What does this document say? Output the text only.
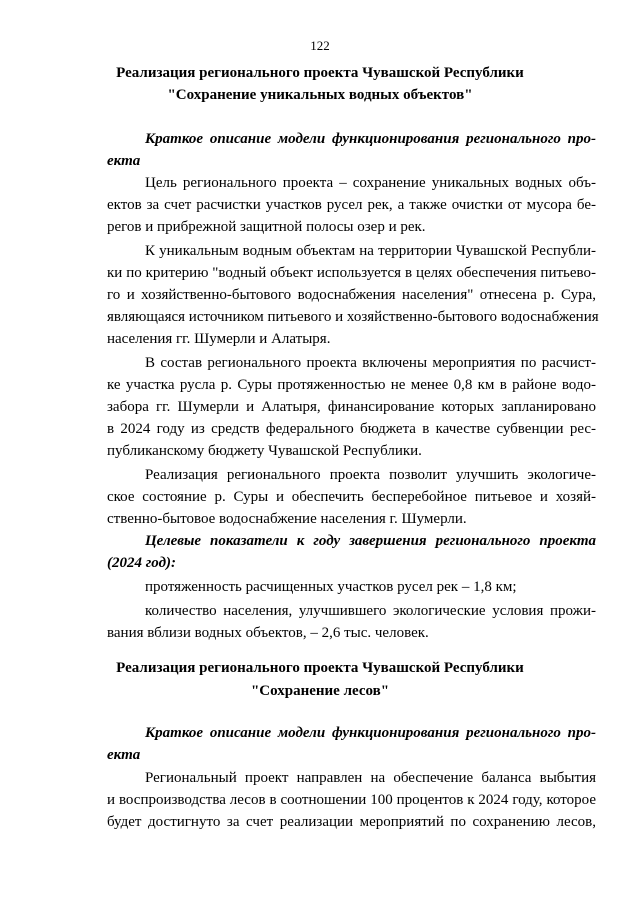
122
Реализация регионального проекта Чувашской Республики
"Сохранение уникальных водных объектов"
Краткое описание модели функционирования регионального про-
екта
Цель регионального проекта – сохранение уникальных водных объ-
ектов за счет расчистки участков русел рек, а также очистки от мусора бе-
регов и прибрежной защитной полосы озер и рек.
К уникальным водным объектам на территории Чувашской Республи-
ки по критерию "водный объект используется в целях обеспечения питьево-
го и хозяйственно-бытового водоснабжения населения" отнесена р. Сура,
являющаяся источником питьевого и хозяйственно-бытового водоснабжения
населения гг. Шумерли и Алатыря.
В состав регионального проекта включены мероприятия по расчист-
ке участка русла р. Суры протяженностью не менее 0,8 км в районе водо-
забора гг. Шумерли и Алатыря, финансирование которых запланировано
в 2024 году из средств федерального бюджета в качестве субвенции рес-
публиканскому бюджету Чувашской Республики.
Реализация регионального проекта позволит улучшить экологиче-
ское состояние р. Суры и обеспечить бесперебойное питьевое и хозяй-
ственно-бытовое водоснабжение населения г. Шумерли.
Целевые показатели к году завершения регионального проекта
(2024 год):
протяженность расчищенных участков русел рек – 1,8 км;
количество населения, улучшившего экологические условия прожи-
вания вблизи водных объектов, – 2,6 тыс. человек.
Реализация регионального проекта Чувашской Республики
"Сохранение лесов"
Краткое описание модели функционирования регионального про-
екта
Региональный проект направлен на обеспечение баланса выбытия
и воспроизводства лесов в соотношении 100 процентов к 2024 году, которое
будет достигнуто за счет реализации мероприятий по сохранению лесов,
